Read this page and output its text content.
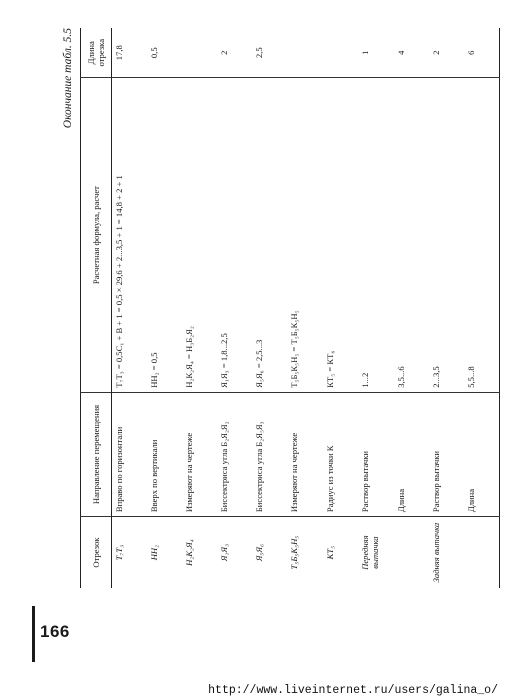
166
Окончание табл. 5.5
Отрезок	Направление перемещения	Расчетная формула, расчет	Длина отрезка
Т₇Т₃	Вправо по горизонтали	Т₇Т₃ = 0,5С₁ + В + 1 = 0,5 × 29,6 + 2...3,5 + 1 = 14,8 + 2 + 1	17,8
НН₂	Вверх по вертикали	НН₂ = 0,5	0,5
Н₂К₂Я₄	Измеряют на чертеже	Н₂К₂Я₄ = Н₃Б₂Я₂	
Я₁Я₃	Биссектриса угла Б₂Я₂Я₂	Я₁Я₃ = 1,8...2,5	2
Я₅Я₆	Биссектриса угла Б₂Я₅Я₃	Я₅Я₆ = 2,5...3	2,5
Т₅Б₅К₅Н₅	Измеряют на чертеже	Т₅Б₅К₅Н₅ = Т₅Б₅К₅Н₅	
КТ₅	Радиус из точки К	КТ₅ = КТ₆	
Передняя вытачка	Раствор вытачки	1...2	1
	Длина	3,5...6	4
Задняя вытачка	Раствор вытачки	2...3,5	2
	Длина	5,5...8	6
http://www.liveinternet.ru/users/galina_o/
